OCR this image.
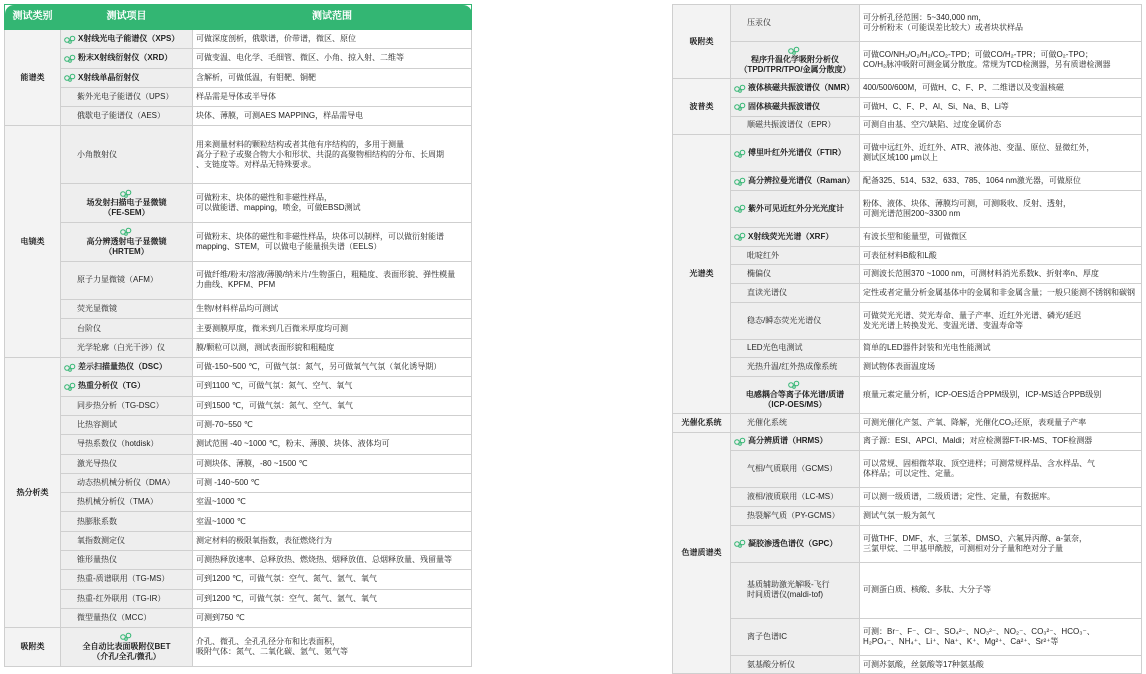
测试类别	测试项目	测试范围
能谱类	X射线光电子能谱仪（XPS）	可做深度剖析，俄歇谱，价带谱，微区、原位

	粉末X射线衍射仪（XRD）	可做变温、电化学、毛细管、微区、小角、掠入射、二维等

	X射线单晶衍射仪	含解析，可做低温，有钼靶、铜靶

	紫外光电子能谱仪（UPS）	样品需是导体或半导体

	俄歇电子能谱仪（AES）	块体、薄膜，可测AES MAPPING，样品需导电

电镜类	小角散射仪	用来测量材料的颗粒结构或者其他有序结构的，多用于测量
高分子粒子或聚合物大小和形状、共混的高聚物相结构的分布、长周期
、支链度等。对样品无特殊要求。

	场发射扫描电子显微镜
（FE-SEM）	可做粉末、块体的磁性和非磁性样品，
可以做能谱、mapping，喷金，可做EBSD测试

	高分辨透射电子显微镜
（HRTEM）	可做粉末、块体的磁性和非磁性样品，块体可以制样，可以做衍射能谱
mapping、STEM，可以做电子能量损失谱（EELS）

	原子力显微镜（AFM）	可做纤维/粉末/溶液/薄膜/纳米片/生物蛋白，粗糙度、表面形貌、弹性模量
力曲线、KPFM、PFM

	荧光显微镜	生物/材料样品均可测试

	台阶仪	主要测膜厚度，微米到几百微米厚度均可测

	光学轮廓（白光干涉）仪	膜/颗粒可以测，测试表面形貌和粗糙度

热分析类	差示扫描量热仪（DSC）	可做-150~500 ℃，可做气氛：氮气，另可做氧气气氛（氧化诱导期）

	热重分析仪（TG）	可到1100 ℃，可做气氛：氮气、空气、氧气

	同步热分析（TG-DSC）	可到1500 ℃，可做气氛：氮气、空气、氧气

	比热容测试	可测-70~550 ℃

	导热系数仪（hotdisk）	测试范围 -40 ~1000 ℃，粉末、薄膜、块体、液体均可

	激光导热仪	可测块体、薄膜，-80 ~1500 ℃

	动态热机械分析仪（DMA）	可测 -140~500 ℃

	热机械分析仪（TMA）	室温~1000 ℃

	热膨胀系数	室温~1000 ℃

	氧指数测定仪	测定材料的极限氧指数，表征燃烧行为

	锥形量热仪	可测热释放速率、总释放热、燃烧热、烟释放值、总烟释放量、残留量等

	热重-质谱联用（TG-MS）	可到1200 ℃，可做气氛：空气、氮气、氩气、氧气

	热重-红外联用（TG-IR）	可到1200 ℃，可做气氛：空气、氮气、氩气、氧气

	微型量热仪（MCC）	可测到750 ℃

吸附类	全自动比表面吸附仪BET
（介孔/全孔/微孔）	介孔、微孔、全孔孔径分布和比表面积，
吸附气体：氮气、二氧化碳、氩气、氪气等
吸附类	压汞仪	可分析孔径范围：5~340,000 nm，
可分析粉末（可能误差比较大）或者块状样品

	程序升温化学吸附分析仪
（TPD/TPR/TPO/金属分散度）	可做CO/NH₃/O₂/H₂/CO₂-TPD；可做CO/H₂-TPR；可做O₂-TPO；
CO/H₂脉冲吸附可测金属分散度。常规为TCD检测器，另有质谱检测器

波普类	液体核磁共振波谱仪（NMR）	400/500/600M，可做H、C、F、P、二维谱以及变温核磁

	固体核磁共振波谱仪	可做H、C、F、P、Al、Si、Na、B、Li等

	顺磁共振波谱仪（EPR）	可测自由基、空穴/缺陷、过度金属价态

光谱类	傅里叶红外光谱仪（FTIR）	可做中远红外、近红外、ATR、液体池、变温、原位、显微红外，
测试区域100 μm以上

	高分辨拉曼光谱仪（Raman）	配备325、514、532、633、785、1064 nm激光器，可做原位

	紫外可见近红外分光光度计	粉体、液体、块体、薄膜均可测，可测吸收、反射、透射，
可测光谱范围200~3300 nm

	X射线荧光光谱（XRF）	有波长型和能量型，可做微区

	吡啶红外	可表征材料B酸和L酸

	椭偏仪	可测波长范围370 ~1000 nm，可测材料消光系数k、折射率n、厚度

	直读光谱仪	定性或者定量分析金属基体中的金属和非金属含量；一般只能测不锈钢和碳钢

	稳态/瞬态荧光光谱仪	可做荧光光谱、荧光寿命、量子产率、近红外光谱、磷光/延迟
发光光谱上转换发光、变温光谱、变温寿命等

	LED光色电测试	简单的LED器件封装和光电性能测试

	光热升温/红外热成像系统	测试物体表面温度场

	电感耦合等离子体光谱/质谱
（ICP-OES/MS）	痕量元素定量分析，ICP-OES适合PPM级别，ICP-MS适合PPB级别

光催化系统	光催化系统	可测光催化产氢、产氧、降解，光催化CO₂还原，表观量子产率

色谱质谱类	高分辨质谱（HRMS）	离子源：ESI、APCI、Maldi；对应检测器FT-IR-MS、TOF检测器

	气相/气质联用（GCMS）	可以常规、固相微萃取、顶空进样；可测常规样品、含水样品、气
体样品；可以定性、定量。

	液相/液质联用（LC-MS）	可以测一级质谱，二级质谱；定性、定量，有数据库。

	热裂解气质（PY-GCMS）	测试气氛一般为氮气

	凝胶渗透色谱仪（GPC）	可做THF、DMF、水、三氯苯、DMSO、六氟异丙醇、a-氯奈，
三氯甲烷、二甲基甲酰胺，可测相对分子量和绝对分子量

	基质辅助激光解吸-飞行
时间质谱仪(maldi-tof)	可测蛋白质、核酸、多肽、大分子等

	离子色谱IC	可测：Br⁻、F⁻、Cl⁻、SO₄²⁻、NO₃²⁻、NO₂⁻、CO₃²⁻、HCO₃⁻、
H₂PO₄⁻、NH₄⁺、Li⁺、Na⁺、K⁺、Mg²⁺、Ca²⁺、Sr²⁺等

	氨基酸分析仪	可测苏氨酸，丝氨酸等17种氨基酸
